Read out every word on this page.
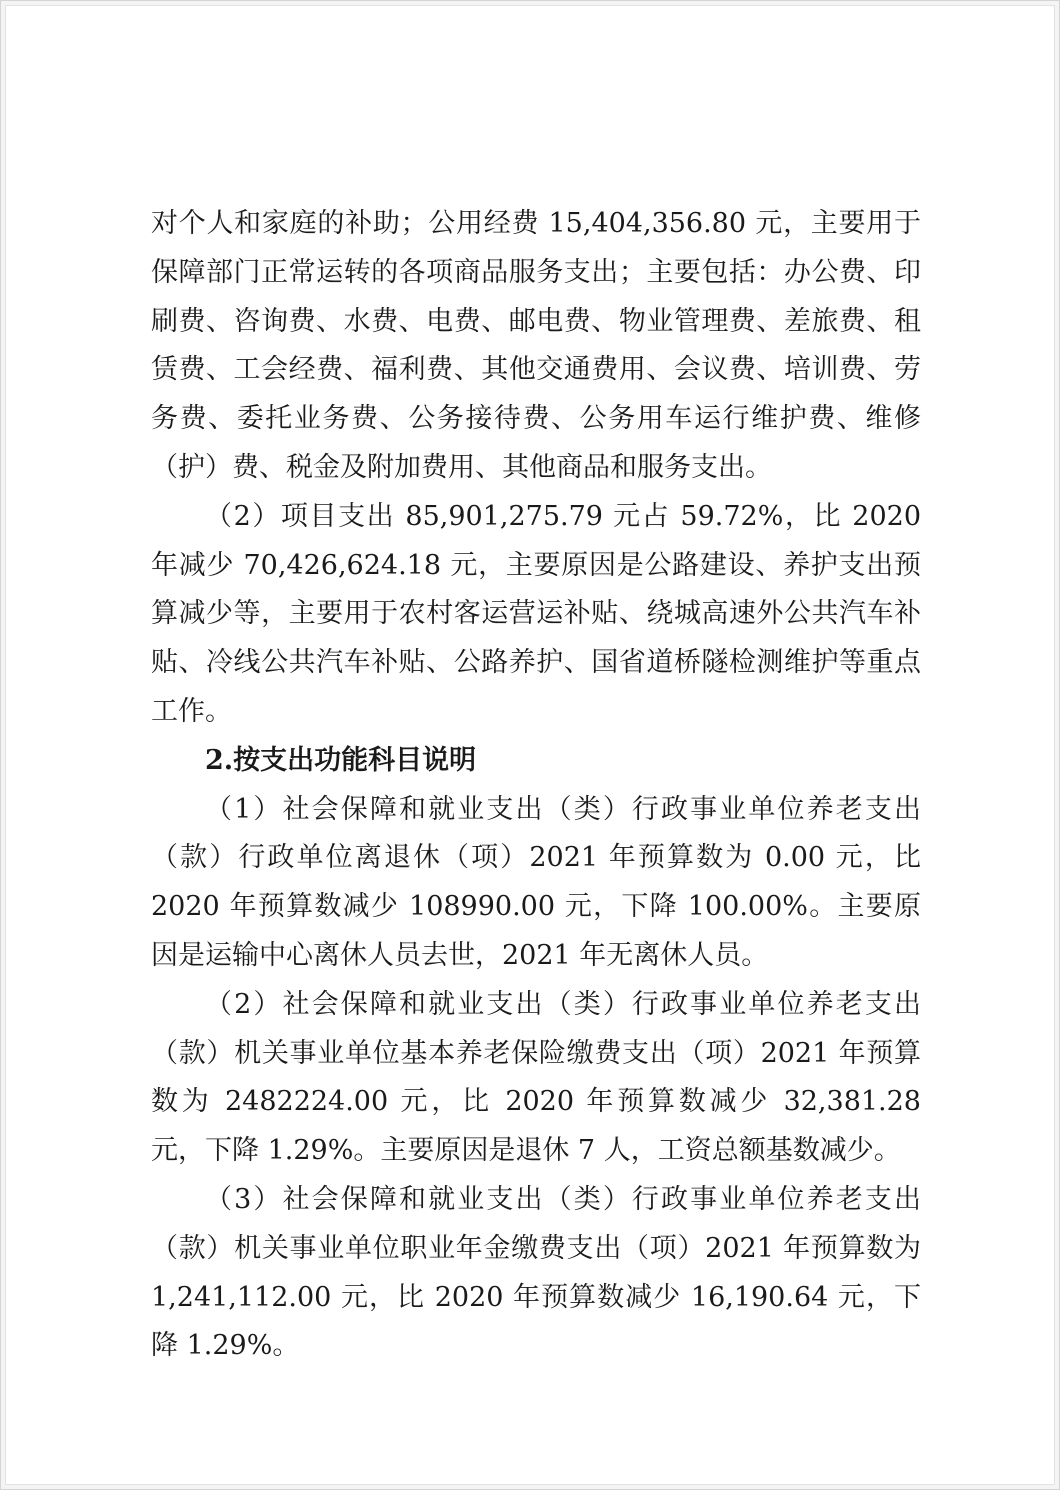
对个人和家庭的补助；公用经费 15,404,356.80 元，主要用于保障部门正常运转的各项商品服务支出；主要包括：办公费、印刷费、咨询费、水费、电费、邮电费、物业管理费、差旅费、租赁费、工会经费、福利费、其他交通费用、会议费、培训费、劳务费、委托业务费、公务接待费、公务用车运行维护费、维修（护）费、税金及附加费用、其他商品和服务支出。

（2）项目支出 85,901,275.79 元占 59.72%，比 2020 年减少 70,426,624.18 元，主要原因是公路建设、养护支出预算减少等，主要用于农村客运营运补贴、绕城高速外公共汽车补贴、冷线公共汽车补贴、公路养护、国省道桥隧检测维护等重点工作。

2.按支出功能科目说明

（1）社会保障和就业支出（类）行政事业单位养老支出（款）行政单位离退休（项）2021 年预算数为 0.00 元，比 2020 年预算数减少 108990.00 元，下降 100.00%。主要原因是运输中心离休人员去世，2021 年无离休人员。

（2）社会保障和就业支出（类）行政事业单位养老支出（款）机关事业单位基本养老保险缴费支出（项）2021 年预算数为 2482224.00 元，比 2020 年预算数减少 32,381.28 元，下降 1.29%。主要原因是退休 7 人，工资总额基数减少。

（3）社会保障和就业支出（类）行政事业单位养老支出（款）机关事业单位职业年金缴费支出（项）2021 年预算数为 1,241,112.00 元，比 2020 年预算数减少 16,190.64 元，下降 1.29%。
